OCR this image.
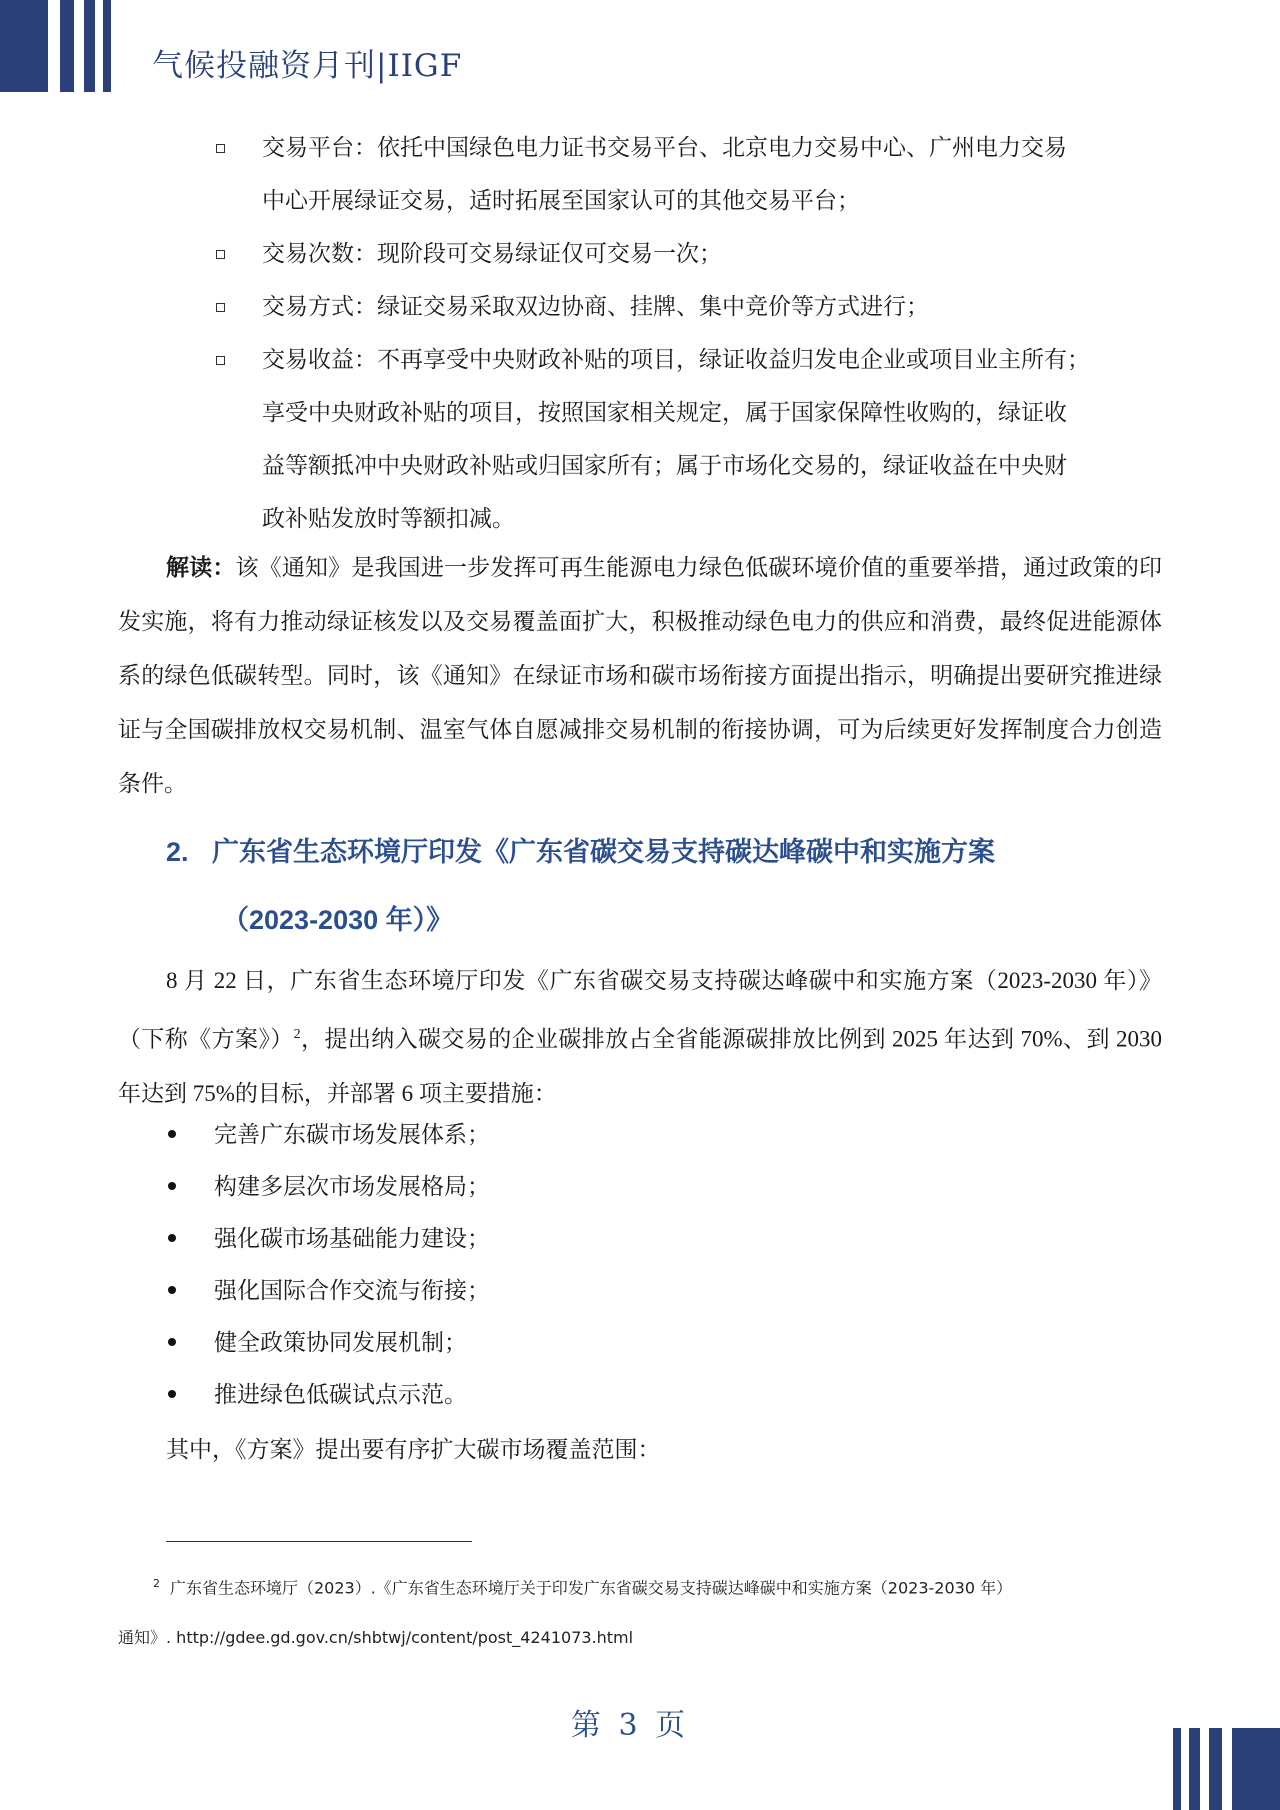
气候投融资月刊|IIGF
交易平台：依托中国绿色电力证书交易平台、北京电力交易中心、广州电力交易
中心开展绿证交易，适时拓展至国家认可的其他交易平台；
交易次数：现阶段可交易绿证仅可交易一次；
交易方式：绿证交易采取双边协商、挂牌、集中竞价等方式进行；
交易收益：不再享受中央财政补贴的项目，绿证收益归发电企业或项目业主所有；
享受中央财政补贴的项目，按照国家相关规定，属于国家保障性收购的，绿证收
益等额抵冲中央财政补贴或归国家所有；属于市场化交易的，绿证收益在中央财
政补贴发放时等额扣减。
解读：该《通知》是我国进一步发挥可再生能源电力绿色低碳环境价值的重要举措，通过政策的印发实施，将有力推动绿证核发以及交易覆盖面扩大，积极推动绿色电力的供应和消费，最终促进能源体系的绿色低碳转型。同时，该《通知》在绿证市场和碳市场衔接方面提出指示，明确提出要研究推进绿证与全国碳排放权交易机制、温室气体自愿减排交易机制的衔接协调，可为后续更好发挥制度合力创造条件。
2. 广东省生态环境厅印发《广东省碳交易支持碳达峰碳中和实施方案
（2023-2030 年）》
8 月 22 日，广东省生态环境厅印发《广东省碳交易支持碳达峰碳中和实施方案（2023-2030 年）》（下称《方案》）$^2$，提出纳入碳交易的企业碳排放占全省能源碳排放比例到 2025 年达到 70%、到 2030 年达到 75%的目标，并部署 6 项主要措施：
完善广东碳市场发展体系；
构建多层次市场发展格局；
强化碳市场基础能力建设；
强化国际合作交流与衔接；
健全政策协同发展机制；
推进绿色低碳试点示范。
其中，《方案》提出要有序扩大碳市场覆盖范围：
$^2$ 广东省生态环境厅（2023）.《广东省生态环境厅关于印发广东省碳交易支持碳达峰碳中和实施方案（2023-2030 年）
通知》. http://gdee.gd.gov.cn/shbtwj/content/post_4241073.html
第 3 页
